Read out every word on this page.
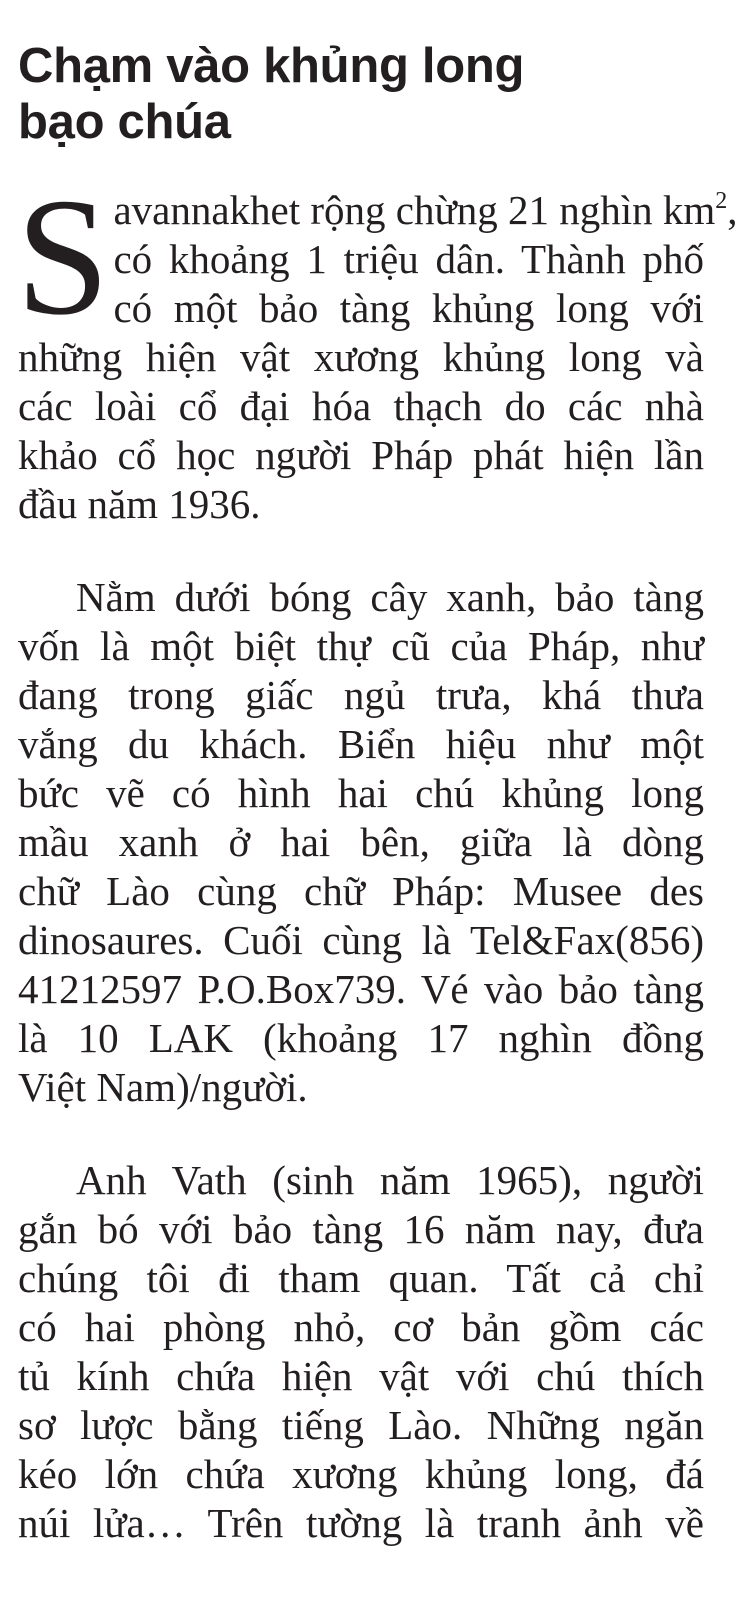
Chạm vào khủng long
bạo chúa
S avannakhet rộng chừng 21 nghìn $km^2$,
có khoảng 1 triệu dân. Thành phố
có một bảo tàng khủng long với
những hiện vật xương khủng long và
các loài cổ đại hóa thạch do các nhà
khảo cổ học người Pháp phát hiện lần
đầu năm 1936.
Nằm dưới bóng cây xanh, bảo tàng
vốn là một biệt thự cũ của Pháp, như
đang trong giấc ngủ trưa, khá thưa
vắng du khách. Biển hiệu như một
bức vẽ có hình hai chú khủng long
mầu xanh ở hai bên, giữa là dòng
chữ Lào cùng chữ Pháp: Musee des
dinosaures. Cuối cùng là Tel&Fax(856)
41212597 P.O.Box739. Vé vào bảo tàng
là 10 LAK (khoảng 17 nghìn đồng
Việt Nam)/người.
Anh Vath (sinh năm 1965), người
gắn bó với bảo tàng 16 năm nay, đưa
chúng tôi đi tham quan. Tất cả chỉ
có hai phòng nhỏ, cơ bản gồm các
tủ kính chứa hiện vật với chú thích
sơ lược bằng tiếng Lào. Những ngăn
kéo lớn chứa xương khủng long, đá
núi lửa… Trên tường là tranh ảnh về
